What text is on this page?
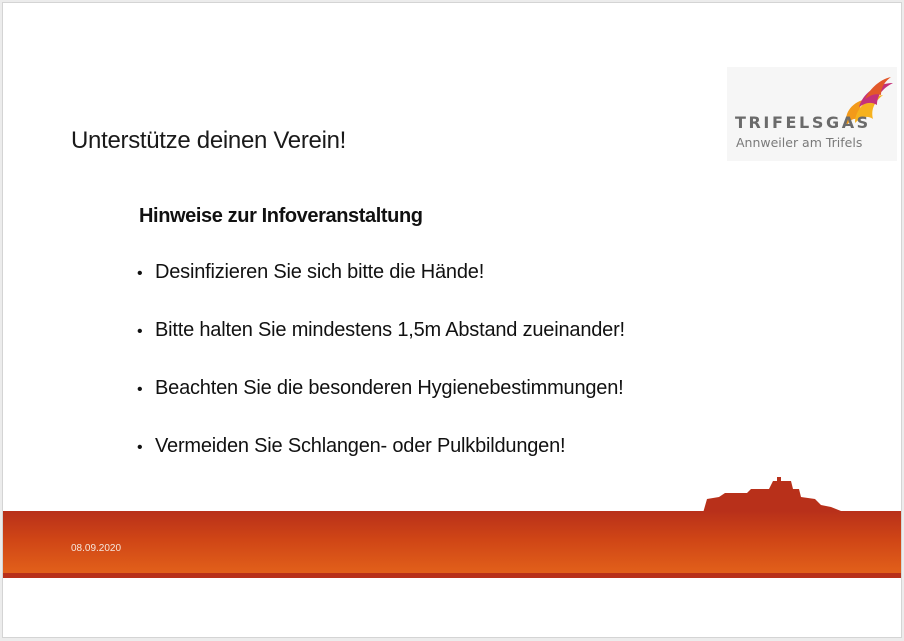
Unterstütze deinen Verein!
TRIFELSGAS
Annweiler am Trifels
Hinweise zur Infoveranstaltung
• Desinfizieren Sie sich bitte die Hände!
• Bitte halten Sie mindestens 1,5m Abstand zueinander!
• Beachten Sie die besonderen Hygienebestimmungen!
• Vermeiden Sie Schlangen- oder Pulkbildungen!
08.09.2020
